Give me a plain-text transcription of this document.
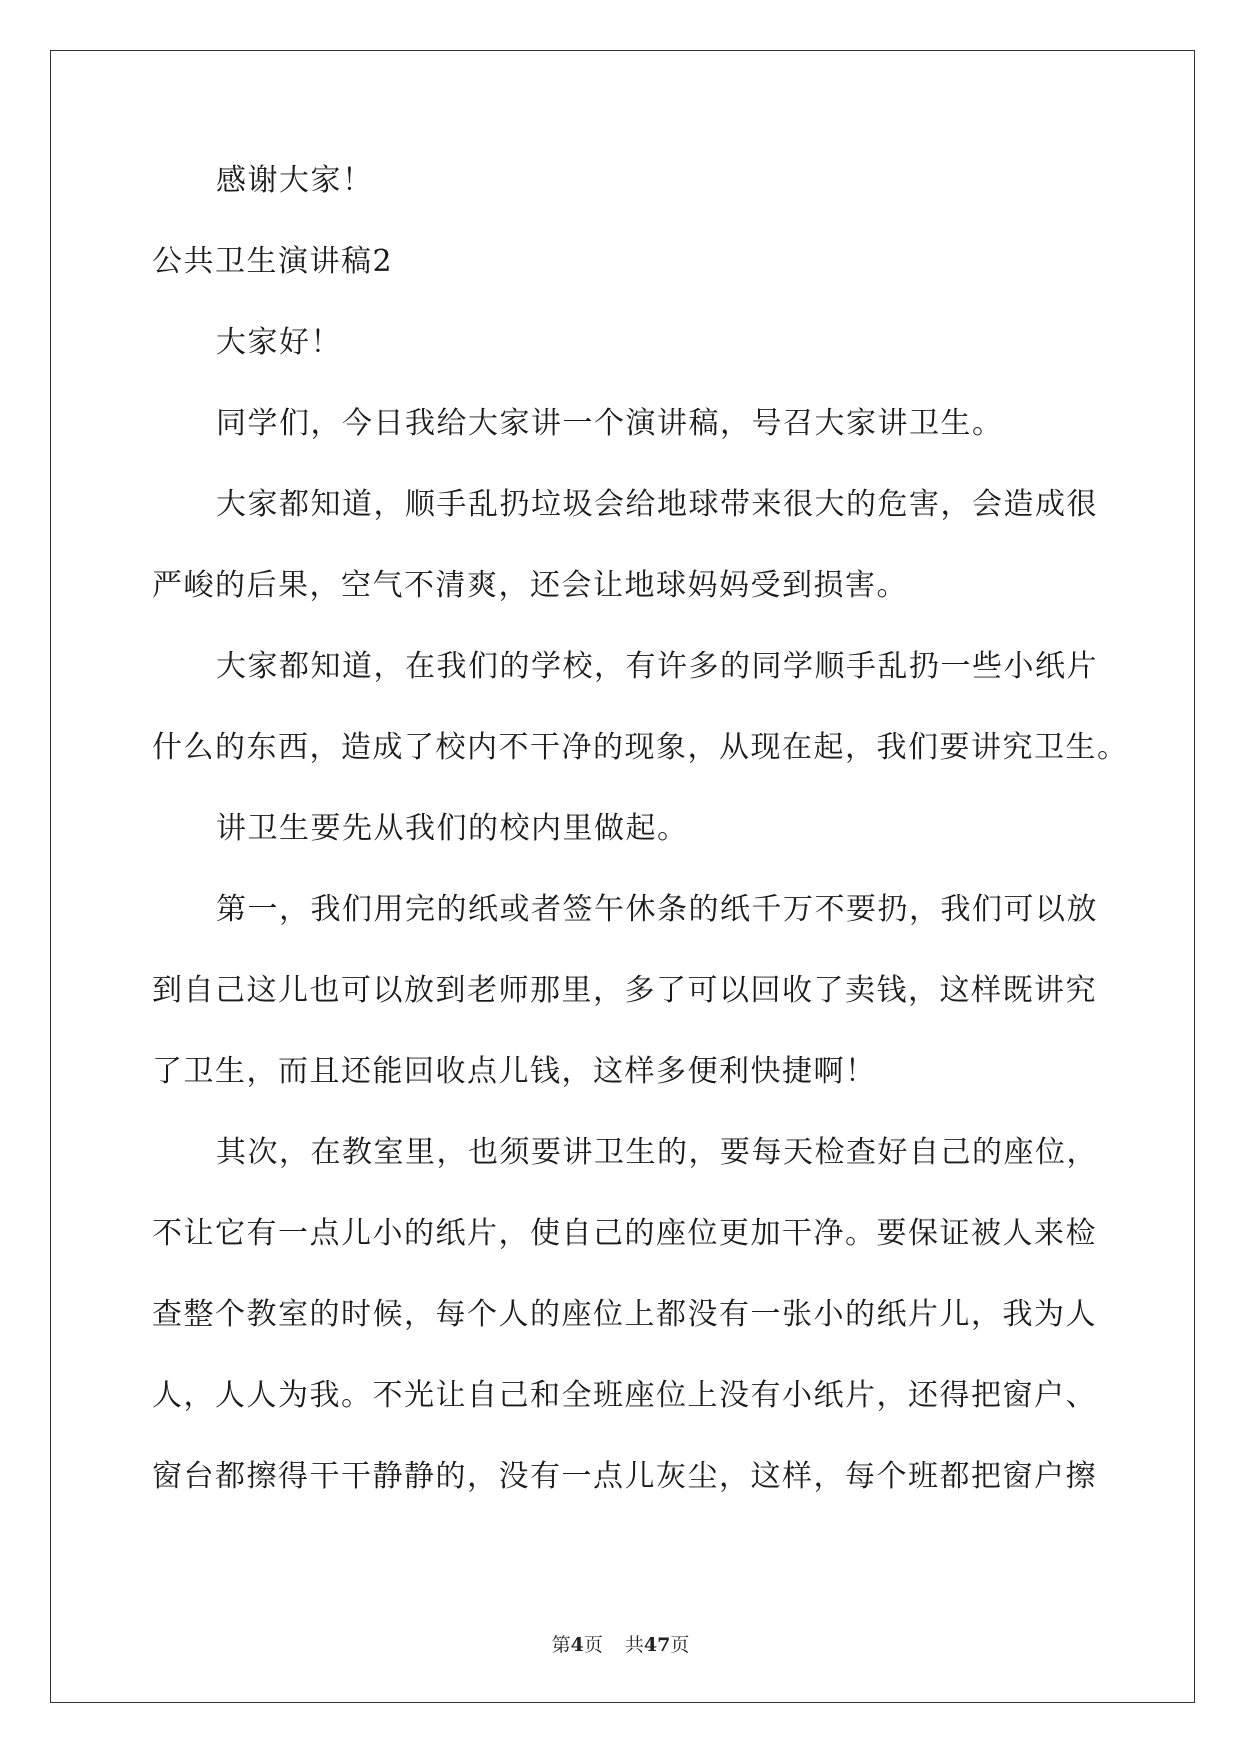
感谢大家！
公共卫生演讲稿2
大家好！
同学们，今日我给大家讲一个演讲稿，号召大家讲卫生。
大家都知道，顺手乱扔垃圾会给地球带来很大的危害，会造成很
严峻的后果，空气不清爽，还会让地球妈妈受到损害。
大家都知道，在我们的学校，有许多的同学顺手乱扔一些小纸片
什么的东西，造成了校内不干净的现象，从现在起，我们要讲究卫生。
讲卫生要先从我们的校内里做起。
第一，我们用完的纸或者签午休条的纸千万不要扔，我们可以放
到自己这儿也可以放到老师那里，多了可以回收了卖钱，这样既讲究
了卫生，而且还能回收点儿钱，这样多便利快捷啊！
其次，在教室里，也须要讲卫生的，要每天检查好自己的座位，
不让它有一点儿小的纸片，使自己的座位更加干净。要保证被人来检
查整个教室的时候，每个人的座位上都没有一张小的纸片儿，我为人
人，人人为我。不光让自己和全班座位上没有小纸片，还得把窗户、
窗台都擦得干干静静的，没有一点儿灰尘，这样，每个班都把窗户擦
第4页 共47页
